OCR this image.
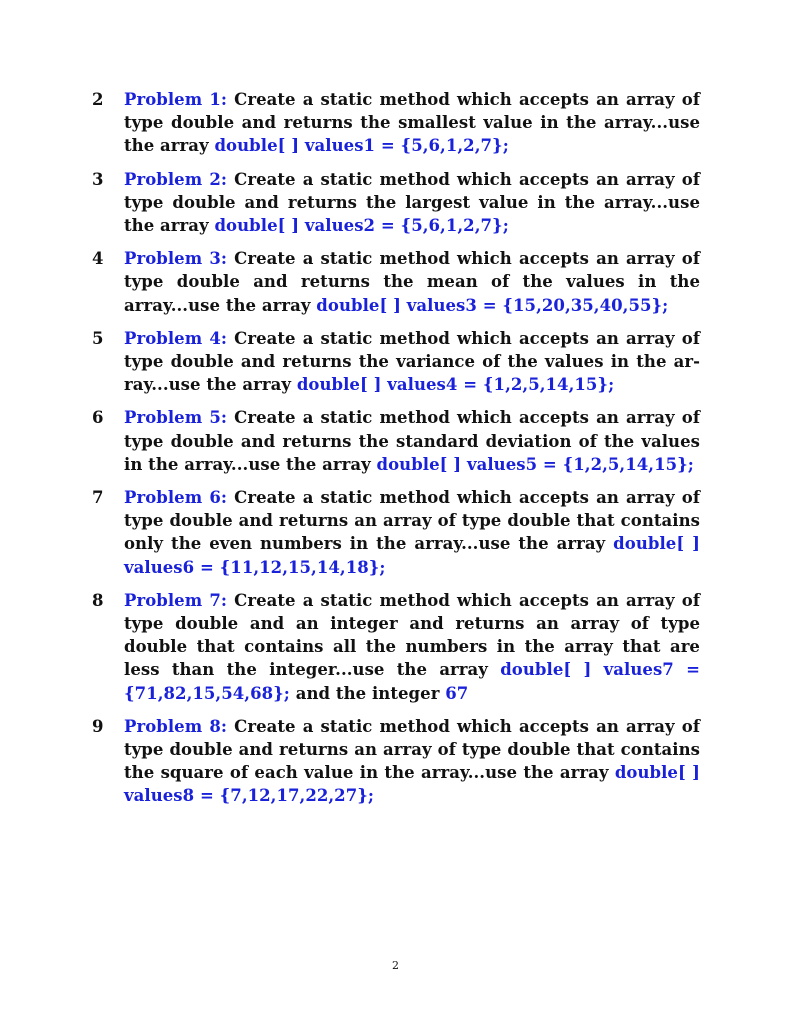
2	Problem 1: Create a static method which accepts an array of type double and returns the smallest value in the array...use the array double[ ] values1 = {5,6,1,2,7};
3	Problem 2: Create a static method which accepts an array of type double and returns the largest value in the array...use the array double[ ] values2 = {5,6,1,2,7};
4	Problem 3: Create a static method which accepts an array of type double and returns the mean of the values in the array...use the array double[ ] values3 = {15,20,35,40,55};
5	Problem 4: Create a static method which accepts an array of type double and returns the variance of the values in the array...use the array double[ ] values4 = {1,2,5,14,15};
6	Problem 5: Create a static method which accepts an array of type double and returns the standard deviation of the values in the array...use the array double[ ] values5 = {1,2,5,14,15};
7	Problem 6: Create a static method which accepts an array of type double and returns an array of type double that contains only the even numbers in the array...use the array double[ ] values6 = {11,12,15,14,18};
8	Problem 7: Create a static method which accepts an array of type double and an integer and returns an array of type double that contains all the numbers in the array that are less than the integer...use the array double[ ] values7 = {71,82,15,54,68}; and the integer 67
9	Problem 8: Create a static method which accepts an array of type double and returns an array of type double that contains the square of each value in the array...use the array double[ ] values8 = {7,12,17,22,27};
2
